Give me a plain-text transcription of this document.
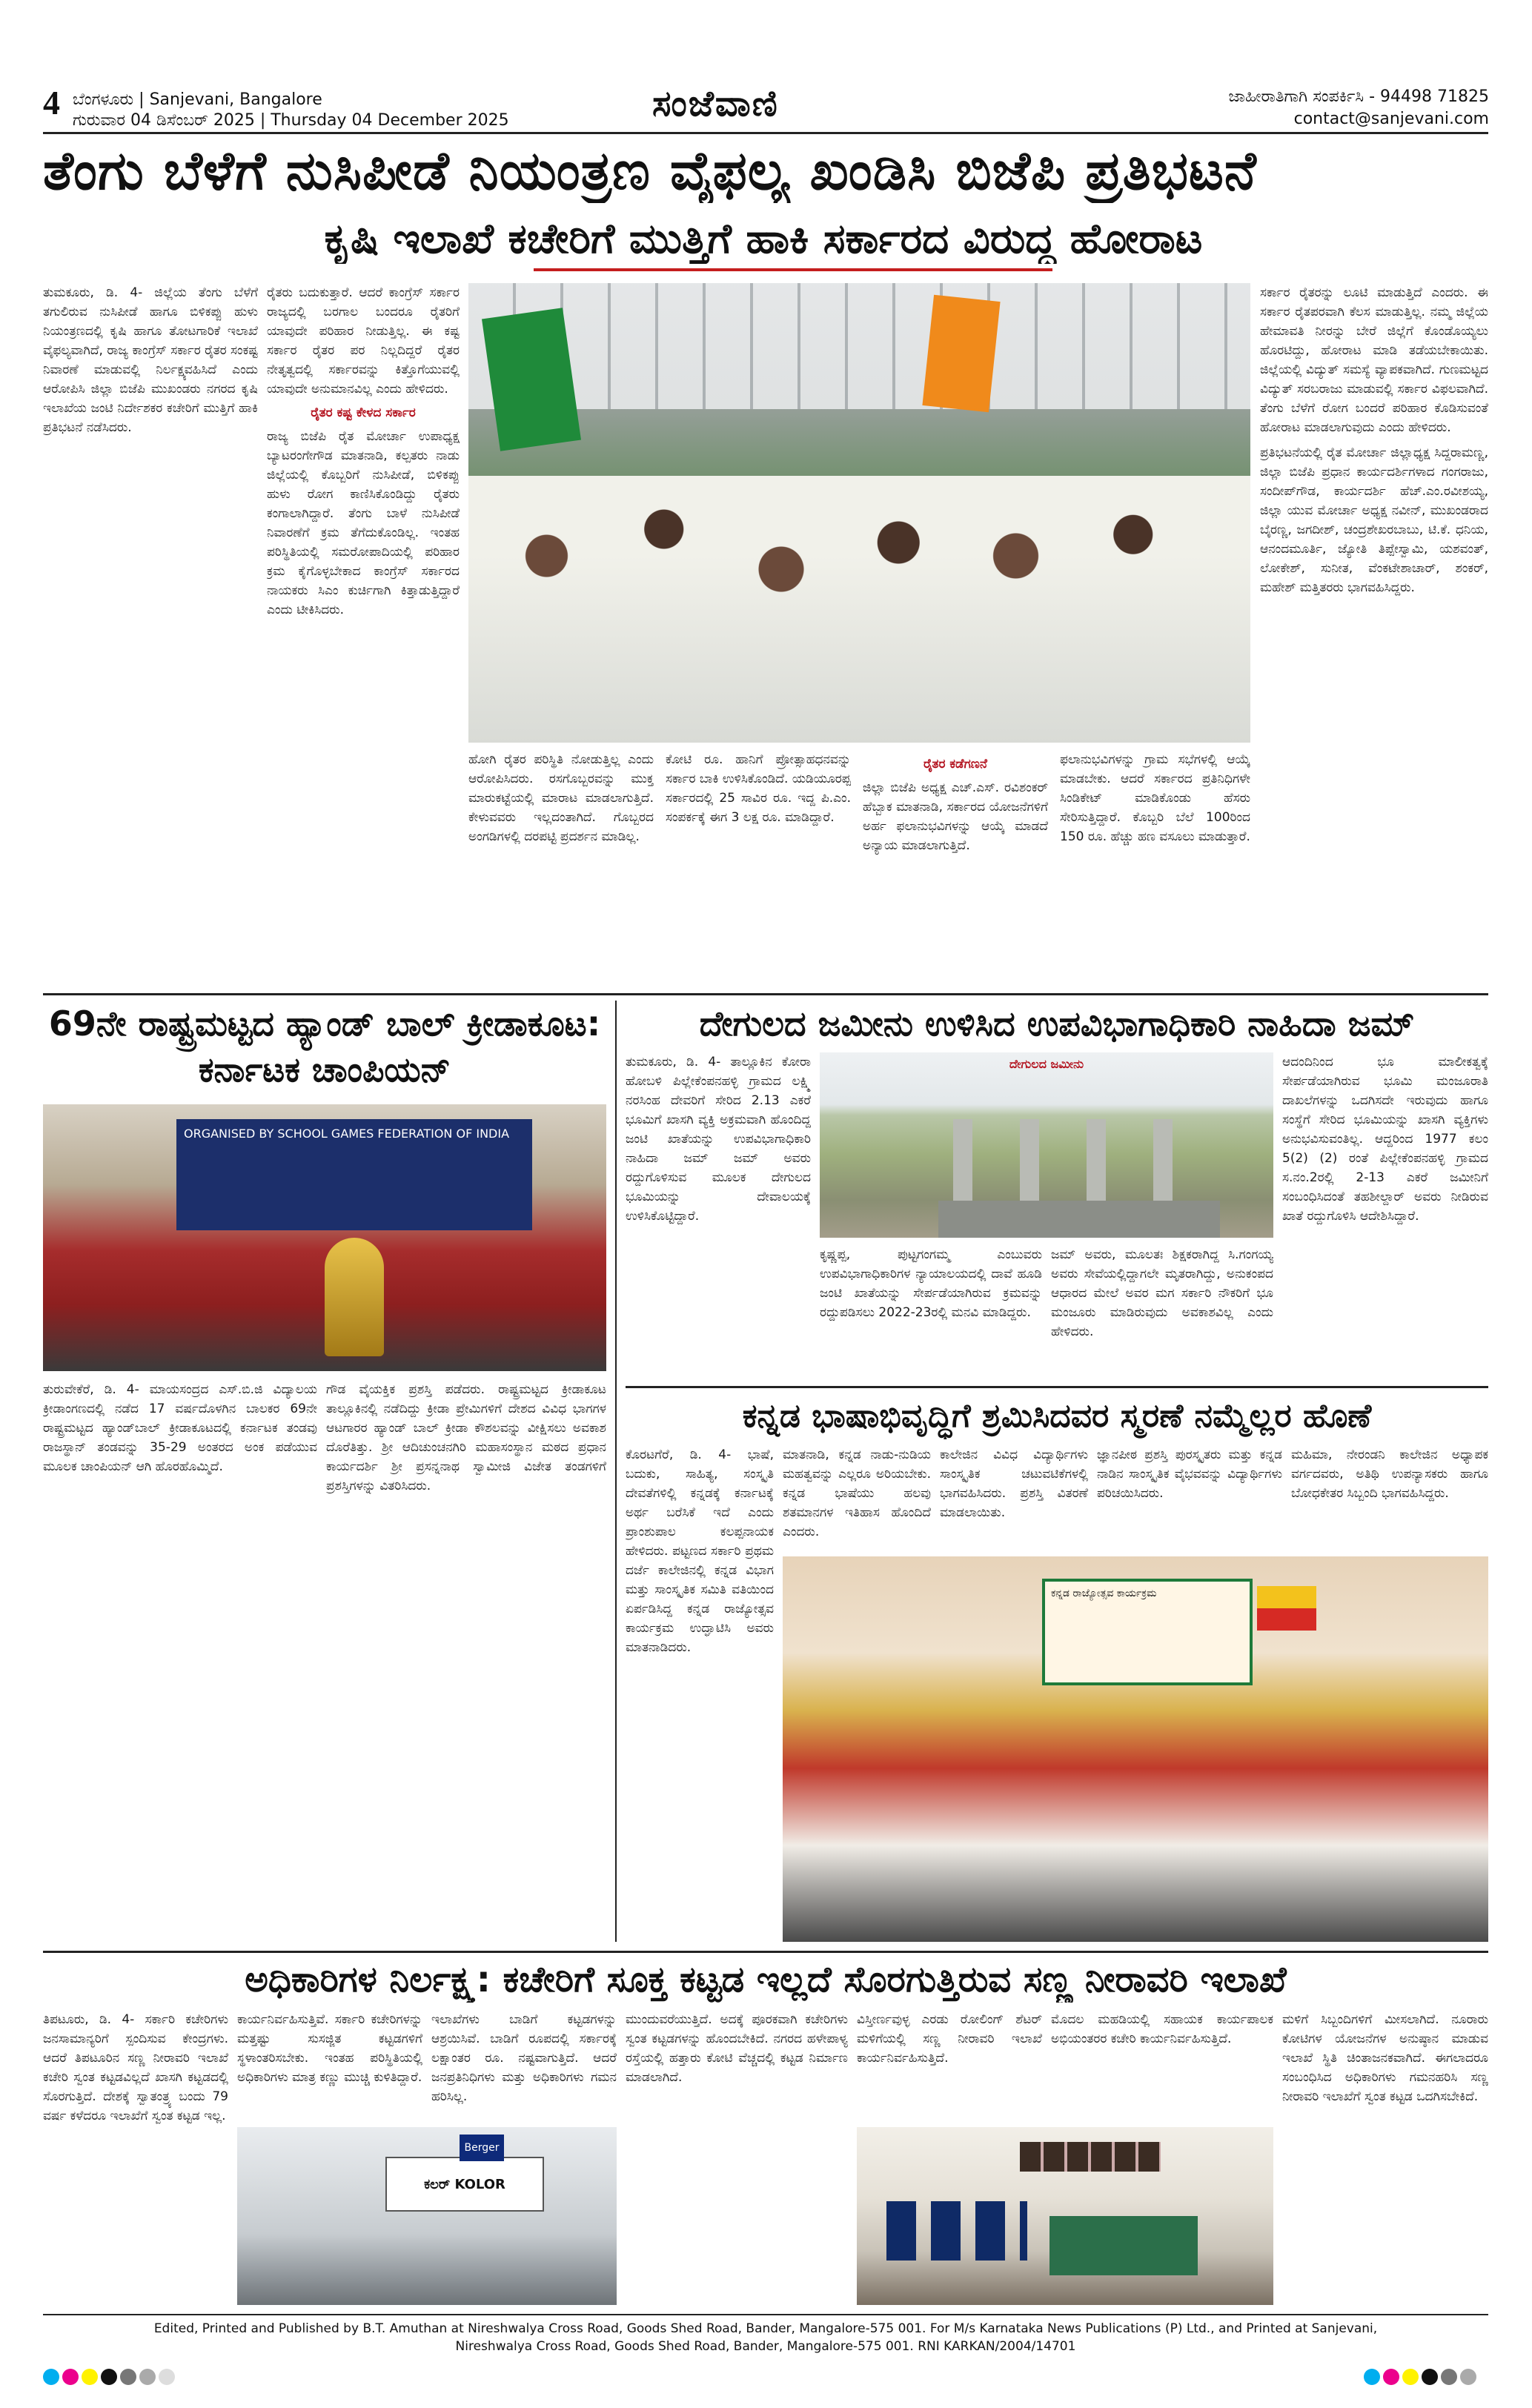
4 ಬೆಂಗಳೂರು | Sanjevani, Bangalore
ಗುರುವಾರ 04 ಡಿಸೆಂಬರ್ 2025 | Thursday 04 December 2025	ಸಂಜೆವಾಣಿ	ಜಾಹೀರಾತಿಗಾಗಿ ಸಂಪರ್ಕಿಸಿ - 94498 71825
contact@sanjevani.com
ತೆಂಗು ಬೆಳೆಗೆ ನುಸಿಪೀಡೆ ನಿಯಂತ್ರಣ ವೈಫಲ್ಯ ಖಂಡಿಸಿ ಬಿಜೆಪಿ ಪ್ರತಿಭಟನೆ
ಕೃಷಿ ಇಲಾಖೆ ಕಚೇರಿಗೆ ಮುತ್ತಿಗೆ ಹಾಕಿ ಸರ್ಕಾರದ ವಿರುದ್ಧ ಹೋರಾಟ
ತುಮಕೂರು, ಡಿ. 4- ಜಿಲ್ಲೆಯ ತೆಂಗು ಬೆಳೆಗೆ ತಗುಲಿರುವ ನುಸಿಪೀಡೆ ಹಾಗೂ ಬಿಳಿಕಪ್ಪು ಹುಳು ನಿಯಂತ್ರಣದಲ್ಲಿ ಕೃಷಿ ಹಾಗೂ ತೋಟಗಾರಿಕೆ ಇಲಾಖೆ ವೈಫಲ್ಯವಾಗಿದೆ, ರಾಜ್ಯ ಕಾಂಗ್ರೆಸ್ ಸರ್ಕಾರ ರೈತರ ಸಂಕಷ್ಟ ನಿವಾರಣೆ ಮಾಡುವಲ್ಲಿ ನಿರ್ಲಕ್ಷ್ಯವಹಿಸಿದೆ ಎಂದು ಆರೋಪಿಸಿ ಜಿಲ್ಲಾ ಬಿಜೆಪಿ ಮುಖಂಡರು ನಗರದ ಕೃಷಿ ಇಲಾಖೆಯ ಜಂಟಿ ನಿರ್ದೇಶಕರ ಕಚೇರಿಗೆ ಮುತ್ತಿಗೆ ಹಾಕಿ ಪ್ರತಿಭಟನೆ ನಡೆಸಿದರು.
ರೈತರು ಬದುಕುತ್ತಾರೆ. ಆದರೆ ಕಾಂಗ್ರೆಸ್ ಸರ್ಕಾರ ರಾಜ್ಯದಲ್ಲಿ ಬರಗಾಲ ಬಂದರೂ ರೈತರಿಗೆ ಯಾವುದೇ ಪರಿಹಾರ ನೀಡುತ್ತಿಲ್ಲ. ಈ ಕಷ್ಟ ಸರ್ಕಾರ ರೈತರ ಪರ ನಿಲ್ಲದಿದ್ದರೆ ರೈತರ ನೇತೃತ್ವದಲ್ಲಿ ಸರ್ಕಾರವನ್ನು ಕಿತ್ತೊಗೆಯುವಲ್ಲಿ ಯಾವುದೇ ಅನುಮಾನವಿಲ್ಲ ಎಂದು ಹೇಳಿದರು.
ರೈತರ ಕಷ್ಟ ಕೇಳದ ಸರ್ಕಾರ
ರಾಜ್ಯ ಬಿಜೆಪಿ ರೈತ ಮೋರ್ಚಾ ಉಪಾಧ್ಯಕ್ಷ ಬ್ಯಾಟರಂಗೇಗೌಡ ಮಾತನಾಡಿ, ಕಲ್ಪತರು ನಾಡು ಜಿಲ್ಲೆಯಲ್ಲಿ ಕೊಬ್ಬರಿಗೆ ನುಸಿಪೀಡೆ, ಬಿಳಿಕಪ್ಪು ಹುಳು ರೋಗ ಕಾಣಿಸಿಕೊಂಡಿದ್ದು ರೈತರು ಕಂಗಾಲಾಗಿದ್ದಾರೆ. ತೆಂಗು ಬಾಳೆ ನುಸಿಪೀಡೆ ನಿವಾರಣೆಗೆ ಕ್ರಮ ತೆಗೆದುಕೊಂಡಿಲ್ಲ. ಇಂತಹ ಪರಿಸ್ಥಿತಿಯಲ್ಲಿ ಸಮರೋಪಾದಿಯಲ್ಲಿ ಪರಿಹಾರ ಕ್ರಮ ಕೈಗೊಳ್ಳಬೇಕಾದ ಕಾಂಗ್ರೆಸ್ ಸರ್ಕಾರದ ನಾಯಕರು ಸಿಎಂ ಕುರ್ಚಿಗಾಗಿ ಕಿತ್ತಾಡುತ್ತಿದ್ದಾರೆ ಎಂದು ಟೀಕಿಸಿದರು.
ಸರ್ಕಾರ ರೈತರನ್ನು ಲೂಟಿ ಮಾಡುತ್ತಿದೆ ಎಂದರು. ಈ ಸರ್ಕಾರ ರೈತಪರವಾಗಿ ಕೆಲಸ ಮಾಡುತ್ತಿಲ್ಲ. ನಮ್ಮ ಜಿಲ್ಲೆಯ ಹೇಮಾವತಿ ನೀರನ್ನು ಬೇರೆ ಜಿಲ್ಲೆಗೆ ಕೊಂಡೊಯ್ಯಲು ಹೊರಟಿದ್ದು, ಹೋರಾಟ ಮಾಡಿ ತಡೆಯಬೇಕಾಯಿತು. ಜಿಲ್ಲೆಯಲ್ಲಿ ವಿದ್ಯುತ್ ಸಮಸ್ಯೆ ವ್ಯಾಪಕವಾಗಿದೆ. ಗುಣಮಟ್ಟದ ವಿದ್ಯುತ್ ಸರಬರಾಜು ಮಾಡುವಲ್ಲಿ ಸರ್ಕಾರ ವಿಫಲವಾಗಿದೆ. ತೆಂಗು ಬೆಳೆಗೆ ರೋಗ ಬಂದರೆ ಪರಿಹಾರ ಕೊಡಿಸುವಂತೆ ಹೋರಾಟ ಮಾಡಲಾಗುವುದು ಎಂದು ಹೇಳಿದರು.
ಪ್ರತಿಭಟನೆಯಲ್ಲಿ ರೈತ ಮೋರ್ಚಾ ಜಿಲ್ಲಾಧ್ಯಕ್ಷ ಸಿದ್ದರಾಮಣ್ಣ, ಜಿಲ್ಲಾ ಬಿಜೆಪಿ ಪ್ರಧಾನ ಕಾರ್ಯದರ್ಶಿಗಳಾದ ಗಂಗರಾಜು, ಸಂದೀಪ್‌ಗೌಡ, ಕಾರ್ಯದರ್ಶಿ ಹೆಚ್.ಎಂ.ರವೀಶಯ್ಯ, ಜಿಲ್ಲಾ ಯುವ ಮೋರ್ಚಾ ಅಧ್ಯಕ್ಷ ನವೀನ್, ಮುಖಂಡರಾದ ಬೈರಣ್ಣ, ಜಗದೀಶ್, ಚಂದ್ರಶೇಖರಬಾಬು, ಟಿ.ಕೆ. ಧನಿಯ, ಆನಂದಮೂರ್ತಿ, ಜ್ಯೋತಿ ತಿಪ್ಪೇಸ್ವಾಮಿ, ಯಶವಂತ್, ಲೋಕೇಶ್, ಸುನೀತ, ವೆಂಕಟೇಶಾಚಾರ್, ಶಂಕರ್, ಮಹೇಶ್ ಮತ್ತಿತರರು ಭಾಗವಹಿಸಿದ್ದರು.
ಹೋಗಿ ರೈತರ ಪರಿಸ್ಥಿತಿ ನೋಡುತ್ತಿಲ್ಲ ಎಂದು ಆರೋಪಿಸಿದರು. ರಸಗೊಬ್ಬರವನ್ನು ಮುಕ್ತ ಮಾರುಕಟ್ಟೆಯಲ್ಲಿ ಮಾರಾಟ ಮಾಡಲಾಗುತ್ತಿದೆ. ಕೇಳುವವರು ಇಲ್ಲದಂತಾಗಿದೆ. ಗೊಬ್ಬರದ ಅಂಗಡಿಗಳಲ್ಲಿ ದರಪಟ್ಟಿ ಪ್ರದರ್ಶನ ಮಾಡಿಲ್ಲ.
ಕೋಟಿ ರೂ. ಹಾನಿಗೆ ಪ್ರೋತ್ಸಾಹಧನವನ್ನು ಸರ್ಕಾರ ಬಾಕಿ ಉಳಿಸಿಕೊಂಡಿದೆ. ಯಡಿಯೂರಪ್ಪ ಸರ್ಕಾರದಲ್ಲಿ 25 ಸಾವಿರ ರೂ. ಇದ್ದ ಪಿ.ಎಂ. ಸಂಪರ್ಕಕ್ಕೆ ಈಗ 3 ಲಕ್ಷ ರೂ. ಮಾಡಿದ್ದಾರೆ.
ರೈತರ ಕಡೆಗಣನೆ
ಜಿಲ್ಲಾ ಬಿಜೆಪಿ ಅಧ್ಯಕ್ಷ ಎಚ್.ಎಸ್. ರವಿಶಂಕರ್ ಹೆಬ್ಬಾಕ ಮಾತನಾಡಿ, ಸರ್ಕಾರದ ಯೋಜನೆಗಳಿಗೆ ಅರ್ಹ ಫಲಾನುಭವಿಗಳನ್ನು ಆಯ್ಕೆ ಮಾಡದೆ ಅನ್ಯಾಯ ಮಾಡಲಾಗುತ್ತಿದೆ.
ಫಲಾನುಭವಿಗಳನ್ನು ಗ್ರಾಮ ಸಭೆಗಳಲ್ಲಿ ಆಯ್ಕೆ ಮಾಡಬೇಕು. ಆದರೆ ಸರ್ಕಾರದ ಪ್ರತಿನಿಧಿಗಳೇ ಸಿಂಡಿಕೇಟ್ ಮಾಡಿಕೊಂಡು ಹೆಸರು ಸೇರಿಸುತ್ತಿದ್ದಾರೆ. ಕೊಬ್ಬರಿ ಬೆಲೆ 100ರಿಂದ 150 ರೂ. ಹೆಚ್ಚು ಹಣ ವಸೂಲು ಮಾಡುತ್ತಾರೆ.
69ನೇ ರಾಷ್ಟ್ರಮಟ್ಟದ ಹ್ಯಾಂಡ್ ಬಾಲ್ ಕ್ರೀಡಾಕೂಟ: ಕರ್ನಾಟಕ ಚಾಂಪಿಯನ್
ORGANISED BY SCHOOL GAMES FEDERATION OF INDIA
ತುರುವೇಕೆರೆ, ಡಿ. 4- ಮಾಯಸಂದ್ರದ ಎಸ್.ಬಿ.ಜಿ ವಿದ್ಯಾಲಯ ಕ್ರೀಡಾಂಗಣದಲ್ಲಿ ನಡೆದ 17 ವರ್ಷದೊಳಗಿನ ಬಾಲಕರ 69ನೇ ರಾಷ್ಟ್ರಮಟ್ಟದ ಹ್ಯಾಂಡ್‌ಬಾಲ್ ಕ್ರೀಡಾಕೂಟದಲ್ಲಿ ಕರ್ನಾಟಕ ತಂಡವು ರಾಜಸ್ಥಾನ್ ತಂಡವನ್ನು 35-29 ಅಂತರದ ಅಂಕ ಪಡೆಯುವ ಮೂಲಕ ಚಾಂಪಿಯನ್ ಆಗಿ ಹೊರಹೊಮ್ಮಿದೆ.
ಗೌಡ ವೈಯಕ್ತಿಕ ಪ್ರಶಸ್ತಿ ಪಡೆದರು. ರಾಷ್ಟ್ರಮಟ್ಟದ ಕ್ರೀಡಾಕೂಟ ತಾಲ್ಲೂಕಿನಲ್ಲಿ ನಡೆದಿದ್ದು ಕ್ರೀಡಾ ಪ್ರೇಮಿಗಳಿಗೆ ದೇಶದ ವಿವಿಧ ಭಾಗಗಳ ಆಟಗಾರರ ಹ್ಯಾಂಡ್ ಬಾಲ್ ಕ್ರೀಡಾ ಕೌಶಲವನ್ನು ವೀಕ್ಷಿಸಲು ಅವಕಾಶ ದೊರೆತಿತ್ತು. ಶ್ರೀ ಆದಿಚುಂಚನಗಿರಿ ಮಹಾಸಂಸ್ಥಾನ ಮಠದ ಪ್ರಧಾನ ಕಾರ್ಯದರ್ಶಿ ಶ್ರೀ ಪ್ರಸನ್ನನಾಥ ಸ್ವಾಮೀಜಿ ವಿಜೇತ ತಂಡಗಳಿಗೆ ಪ್ರಶಸ್ತಿಗಳನ್ನು ವಿತರಿಸಿದರು.
ದೇಗುಲದ ಜಮೀನು ಉಳಿಸಿದ ಉಪವಿಭಾಗಾಧಿಕಾರಿ ನಾಹಿದಾ ಜಮ್
ತುಮಕೂರು, ಡಿ. 4- ತಾಲ್ಲೂಕಿನ ಕೋರಾ ಹೋಬಳಿ ಪಿಲ್ಲೇಕೆಂಪನಹಳ್ಳಿ ಗ್ರಾಮದ ಲಕ್ಷ್ಮಿ ನರಸಿಂಹ ದೇವರಿಗೆ ಸೇರಿದ 2.13 ಎಕರೆ ಭೂಮಿಗೆ ಖಾಸಗಿ ವ್ಯಕ್ತಿ ಅಕ್ರಮವಾಗಿ ಹೊಂದಿದ್ದ ಜಂಟಿ ಖಾತೆಯನ್ನು ಉಪವಿಭಾಗಾಧಿಕಾರಿ ನಾಹಿದಾ ಜಮ್ ಜಮ್ ಅವರು ರದ್ದುಗೊಳಿಸುವ ಮೂಲಕ ದೇಗುಲದ ಭೂಮಿಯನ್ನು ದೇವಾಲಯಕ್ಕೆ ಉಳಿಸಿಕೊಟ್ಟಿದ್ದಾರೆ.
ದೇಗುಲದ ಜಮೀನು
ಕೃಷ್ಣಪ್ಪ, ಪುಟ್ಟಗಂಗಮ್ಮ ಎಂಬುವರು ಉಪವಿಭಾಗಾಧಿಕಾರಿಗಳ ನ್ಯಾಯಾಲಯದಲ್ಲಿ ದಾವೆ ಹೂಡಿ ಜಂಟಿ ಖಾತೆಯನ್ನು ಸೇರ್ಪಡೆಯಾಗಿರುವ ಕ್ರಮವನ್ನು ರದ್ದುಪಡಿಸಲು 2022-23ರಲ್ಲಿ ಮನವಿ ಮಾಡಿದ್ದರು.
ಜಮ್ ಅವರು, ಮೂಲತಃ ಶಿಕ್ಷಕರಾಗಿದ್ದ ಸಿ.ಗಂಗಯ್ಯ ಅವರು ಸೇವೆಯಲ್ಲಿದ್ದಾಗಲೇ ಮೃತರಾಗಿದ್ದು, ಅನುಕಂಪದ ಆಧಾರದ ಮೇಲೆ ಅವರ ಮಗ ಸರ್ಕಾರಿ ನೌಕರಿಗೆ ಭೂ ಮಂಜೂರು ಮಾಡಿರುವುದು ಅವಕಾಶವಿಲ್ಲ ಎಂದು ಹೇಳಿದರು.
ಆದಂದಿನಿಂದ ಭೂ ಮಾಲೀಕತ್ವಕ್ಕೆ ಸೇರ್ಪಡೆಯಾಗಿರುವ ಭೂಮಿ ಮಂಜೂರಾತಿ ದಾಖಲೆಗಳನ್ನು ಒದಗಿಸದೇ ಇರುವುದು ಹಾಗೂ ಸಂಸ್ಥೆಗೆ ಸೇರಿದ ಭೂಮಿಯನ್ನು ಖಾಸಗಿ ವ್ಯಕ್ತಿಗಳು ಅನುಭವಿಸುವಂತಿಲ್ಲ. ಆದ್ದರಿಂದ 1977 ಕಲಂ 5(2) (2) ರಂತೆ ಪಿಲ್ಲೇಕೆಂಪನಹಳ್ಳಿ ಗ್ರಾಮದ ಸ.ನಂ.2ರಲ್ಲಿ 2-13 ಎಕರೆ ಜಮೀನಿಗೆ ಸಂಬಂಧಿಸಿದಂತೆ ತಹಶೀಲ್ದಾರ್ ಅವರು ನೀಡಿರುವ ಖಾತೆ ರದ್ದುಗೊಳಿಸಿ ಆದೇಶಿಸಿದ್ದಾರೆ.
ಕನ್ನಡ ಭಾಷಾಭಿವೃದ್ಧಿಗೆ ಶ್ರಮಿಸಿದವರ ಸ್ಮರಣೆ ನಮ್ಮೆಲ್ಲರ ಹೊಣೆ
ಕೊರಟಗೆರೆ, ಡಿ. 4- ಭಾಷೆ, ಬದುಕು, ಸಾಹಿತ್ಯ, ಸಂಸ್ಕೃತಿ ದೇವತೆಗಳಿಲ್ಲಿ ಕನ್ನಡಕ್ಕೆ ಕರ್ನಾಟಕ್ಕೆ ಅರ್ಥ ಬರೆಸಿಕೆ ಇದೆ ಎಂದು ಪ್ರಾಂಶುಪಾಲ ಕಲಪ್ಪನಾಯಕ ಹೇಳಿದರು. ಪಟ್ಟಣದ ಸರ್ಕಾರಿ ಪ್ರಥಮ ದರ್ಜೆ ಕಾಲೇಜಿನಲ್ಲಿ ಕನ್ನಡ ವಿಭಾಗ ಮತ್ತು ಸಾಂಸ್ಕೃತಿಕ ಸಮಿತಿ ವತಿಯಿಂದ ಏರ್ಪಡಿಸಿದ್ದ ಕನ್ನಡ ರಾಜ್ಯೋತ್ಸವ ಕಾರ್ಯಕ್ರಮ ಉದ್ಘಾಟಿಸಿ ಅವರು ಮಾತನಾಡಿದರು.
ಮಾತನಾಡಿ, ಕನ್ನಡ ನಾಡು-ನುಡಿಯ ಮಹತ್ವವನ್ನು ಎಲ್ಲರೂ ಅರಿಯಬೇಕು. ಕನ್ನಡ ಭಾಷೆಯು ಹಲವು ಶತಮಾನಗಳ ಇತಿಹಾಸ ಹೊಂದಿದೆ ಎಂದರು.
ಕಾಲೇಜಿನ ವಿವಿಧ ವಿದ್ಯಾರ್ಥಿಗಳು ಸಾಂಸ್ಕೃತಿಕ ಚಟುವಟಿಕೆಗಳಲ್ಲಿ ಭಾಗವಹಿಸಿದರು. ಪ್ರಶಸ್ತಿ ವಿತರಣೆ ಮಾಡಲಾಯಿತು.
ಜ್ಞಾನಪೀಠ ಪ್ರಶಸ್ತಿ ಪುರಸ್ಕೃತರು ಮತ್ತು ಕನ್ನಡ ನಾಡಿನ ಸಾಂಸ್ಕೃತಿಕ ವೈಭವವನ್ನು ವಿದ್ಯಾರ್ಥಿಗಳು ಪರಿಚಯಿಸಿದರು.
ಮಹಿಮಾ, ನೇರಂಡನಿ ಕಾಲೇಜಿನ ಅಧ್ಯಾಪಕ ವರ್ಗದವರು, ಅತಿಥಿ ಉಪನ್ಯಾಸಕರು ಹಾಗೂ ಬೋಧಕೇತರ ಸಿಬ್ಬಂದಿ ಭಾಗವಹಿಸಿದ್ದರು.
ಕನ್ನಡ ರಾಜ್ಯೋತ್ಸವ ಕಾರ್ಯಕ್ರಮ
ಅಧಿಕಾರಿಗಳ ನಿರ್ಲಕ್ಷ್ಯ: ಕಚೇರಿಗೆ ಸೂಕ್ತ ಕಟ್ಟಡ ಇಲ್ಲದೆ ಸೊರಗುತ್ತಿರುವ ಸಣ್ಣ ನೀರಾವರಿ ಇಲಾಖೆ
ತಿಪಟೂರು, ಡಿ. 4- ಸರ್ಕಾರಿ ಕಚೇರಿಗಳು ಜನಸಾಮಾನ್ಯರಿಗೆ ಸ್ಪಂದಿಸುವ ಕೇಂದ್ರಗಳು. ಆದರೆ ತಿಪಟೂರಿನ ಸಣ್ಣ ನೀರಾವರಿ ಇಲಾಖೆ ಕಚೇರಿ ಸ್ವಂತ ಕಟ್ಟಡವಿಲ್ಲದೆ ಖಾಸಗಿ ಕಟ್ಟಡದಲ್ಲಿ ಸೊರಗುತ್ತಿದೆ. ದೇಶಕ್ಕೆ ಸ್ವಾತಂತ್ರ್ಯ ಬಂದು 79 ವರ್ಷ ಕಳೆದರೂ ಇಲಾಖೆಗೆ ಸ್ವಂತ ಕಟ್ಟಡ ಇಲ್ಲ.
ಕಾರ್ಯನಿರ್ವಹಿಸುತ್ತಿವೆ. ಸರ್ಕಾರಿ ಕಚೇರಿಗಳನ್ನು ಮತ್ತಷ್ಟು ಸುಸಜ್ಜಿತ ಕಟ್ಟಡಗಳಿಗೆ ಸ್ಥಳಾಂತರಿಸಬೇಕು. ಇಂತಹ ಪರಿಸ್ಥಿತಿಯಲ್ಲಿ ಅಧಿಕಾರಿಗಳು ಮಾತ್ರ ಕಣ್ಣು ಮುಚ್ಚಿ ಕುಳಿತಿದ್ದಾರೆ.
ಇಲಾಖೆಗಳು ಬಾಡಿಗೆ ಕಟ್ಟಡಗಳನ್ನು ಆಶ್ರಯಿಸಿವೆ. ಬಾಡಿಗೆ ರೂಪದಲ್ಲಿ ಸರ್ಕಾರಕ್ಕೆ ಲಕ್ಷಾಂತರ ರೂ. ನಷ್ಟವಾಗುತ್ತಿದೆ. ಆದರೆ ಜನಪ್ರತಿನಿಧಿಗಳು ಮತ್ತು ಅಧಿಕಾರಿಗಳು ಗಮನ ಹರಿಸಿಲ್ಲ.
ಕಲರ್ KOLOR
Berger
ಮುಂದುವರೆಯುತ್ತಿದೆ. ಅದಕ್ಕೆ ಪೂರಕವಾಗಿ ಕಚೇರಿಗಳು ಸ್ವಂತ ಕಟ್ಟಡಗಳನ್ನು ಹೊಂದಬೇಕಿದೆ. ನಗರದ ಹಳೇಪಾಳ್ಯ ರಸ್ತೆಯಲ್ಲಿ ಹತ್ತಾರು ಕೋಟಿ ವೆಚ್ಚದಲ್ಲಿ ಕಟ್ಟಡ ನಿರ್ಮಾಣ ಮಾಡಲಾಗಿದೆ.
ವಿಸ್ತೀರ್ಣವುಳ್ಳ ಎರಡು ರೋಲಿಂಗ್ ಶೆಟರ್ ಮಳಿಗೆಯಲ್ಲಿ ಸಣ್ಣ ನೀರಾವರಿ ಇಲಾಖೆ ಕಾರ್ಯನಿರ್ವಹಿಸುತ್ತಿದೆ.
ಮೊದಲ ಮಹಡಿಯಲ್ಲಿ ಸಹಾಯಕ ಕಾರ್ಯಪಾಲಕ ಅಭಿಯಂತರರ ಕಚೇರಿ ಕಾರ್ಯನಿರ್ವಹಿಸುತ್ತಿದೆ.
ಮಳಿಗೆ ಸಿಬ್ಬಂದಿಗಳಿಗೆ ಮೀಸಲಾಗಿದೆ. ನೂರಾರು ಕೋಟಿಗಳ ಯೋಜನೆಗಳ ಅನುಷ್ಠಾನ ಮಾಡುವ ಇಲಾಖೆ ಸ್ಥಿತಿ ಚಿಂತಾಜನಕವಾಗಿದೆ. ಈಗಲಾದರೂ ಸಂಬಂಧಿಸಿದ ಅಧಿಕಾರಿಗಳು ಗಮನಹರಿಸಿ ಸಣ್ಣ ನೀರಾವರಿ ಇಲಾಖೆಗೆ ಸ್ವಂತ ಕಟ್ಟಡ ಒದಗಿಸಬೇಕಿದೆ.
Edited, Printed and Published by B.T. Amuthan at Nireshwalya Cross Road, Goods Shed Road, Bander, Mangalore-575 001. For M/s Karnataka News Publications (P) Ltd., and Printed at Sanjevani,
Nireshwalya Cross Road, Goods Shed Road, Bander, Mangalore-575 001. RNI KARKAN/2004/14701
